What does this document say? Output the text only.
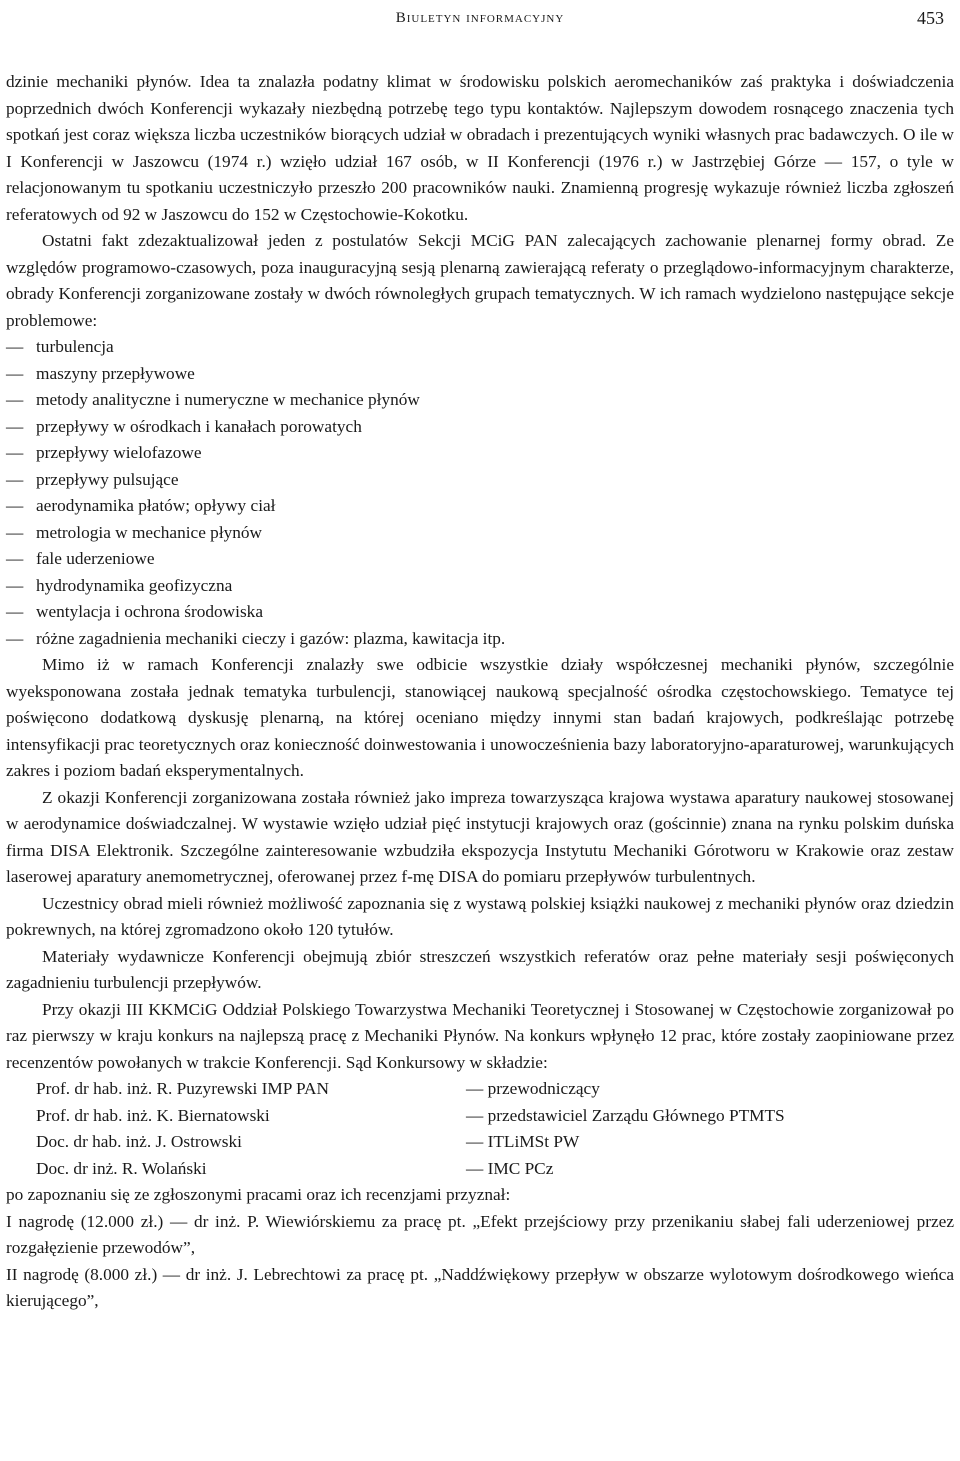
Biuletyn informacyjny	453

dzinie mechaniki płynów. Idea ta znalazła podatny klimat w środowisku polskich aeromechaników zaś praktyka i doświadczenia poprzednich dwóch Konferencji wykazały niezbędną potrzebę tego typu kontaktów. Najlepszym dowodem rosnącego znaczenia tych spotkań jest coraz większa liczba uczestników biorących udział w obradach i prezentujących wyniki własnych prac badawczych. O ile w I Konferencji w Jaszowcu (1974 r.) wzięło udział 167 osób, w II Konferencji (1976 r.) w Jastrzębiej Górze — 157, o tyle w relacjonowanym tu spotkaniu uczestniczyło przeszło 200 pracowników nauki. Znamienną progresję wykazuje również liczba zgłoszeń referatowych od 92 w Jaszowcu do 152 w Częstochowie-Kokotku.

Ostatni fakt zdezaktualizował jeden z postulatów Sekcji MCiG PAN zalecających zachowanie plenarnej formy obrad. Ze względów programowo-czasowych, poza inauguracyjną sesją plenarną zawierającą referaty o przeglądowo-informacyjnym charakterze, obrady Konferencji zorganizowane zostały w dwóch równoległych grupach tematycznych. W ich ramach wydzielono następujące sekcje problemowe:

— turbulencja
— maszyny przepływowe
— metody analityczne i numeryczne w mechanice płynów
— przepływy w ośrodkach i kanałach porowatych
— przepływy wielofazowe
— przepływy pulsujące
— aerodynamika płatów; opływy ciał
— metrologia w mechanice płynów
— fale uderzeniowe
— hydrodynamika geofizyczna
— wentylacja i ochrona środowiska
— różne zagadnienia mechaniki cieczy i gazów: plazma, kawitacja itp.

Mimo iż w ramach Konferencji znalazły swe odbicie wszystkie działy współczesnej mechaniki płynów, szczególnie wyeksponowana została jednak tematyka turbulencji, stanowiącej naukową specjalność ośrodka częstochowskiego. Tematyce tej poświęcono dodatkową dyskusję plenarną, na której oceniano między innymi stan badań krajowych, podkreślając potrzebę intensyfikacji prac teoretycznych oraz konieczność doinwestowania i unowocześnienia bazy laboratoryjno-aparaturowej, warunkujących zakres i poziom badań eksperymentalnych.

Z okazji Konferencji zorganizowana została również jako impreza towarzysząca krajowa wystawa aparatury naukowej stosowanej w aerodynamice doświadczalnej. W wystawie wzięło udział pięć instytucji krajowych oraz (gościnnie) znana na rynku polskim duńska firma DISA Elektronik. Szczególne zainteresowanie wzbudziła ekspozycja Instytutu Mechaniki Górotworu w Krakowie oraz zestaw laserowej aparatury anemometrycznej, oferowanej przez f-mę DISA do pomiaru przepływów turbulentnych.

Uczestnicy obrad mieli również możliwość zapoznania się z wystawą polskiej książki naukowej z mechaniki płynów oraz dziedzin pokrewnych, na której zgromadzono około 120 tytułów.

Materiały wydawnicze Konferencji obejmują zbiór streszczeń wszystkich referatów oraz pełne materiały sesji poświęconych zagadnieniu turbulencji przepływów.

Przy okazji III KKMCiG Oddział Polskiego Towarzystwa Mechaniki Teoretycznej i Stosowanej w Częstochowie zorganizował po raz pierwszy w kraju konkurs na najlepszą pracę z Mechaniki Płynów. Na konkurs wpłynęło 12 prac, które zostały zaopiniowane przez recenzentów powołanych w trakcie Konferencji. Sąd Konkursowy w składzie:

Prof. dr hab. inż. R. Puzyrewski IMP PAN	— przewodniczący
Prof. dr hab. inż. K. Biernatowski	— przedstawiciel Zarządu Głównego PTMTS
Doc. dr hab. inż. J. Ostrowski	— ITLiMSt PW
Doc. dr inż. R. Wolański	— IMC PCz

po zapoznaniu się ze zgłoszonymi pracami oraz ich recenzjami przyznał:

I nagrodę (12.000 zł.) — dr inż. P. Wiewiórskiemu za pracę pt. „Efekt przejściowy przy przenikaniu słabej fali uderzeniowej przez rozgałęzienie przewodów”,

II nagrodę (8.000 zł.) — dr inż. J. Lebrechtowi za pracę pt. „Naddźwiękowy przepływ w obszarze wylotowym dośrodkowego wieńca kierującego”,
